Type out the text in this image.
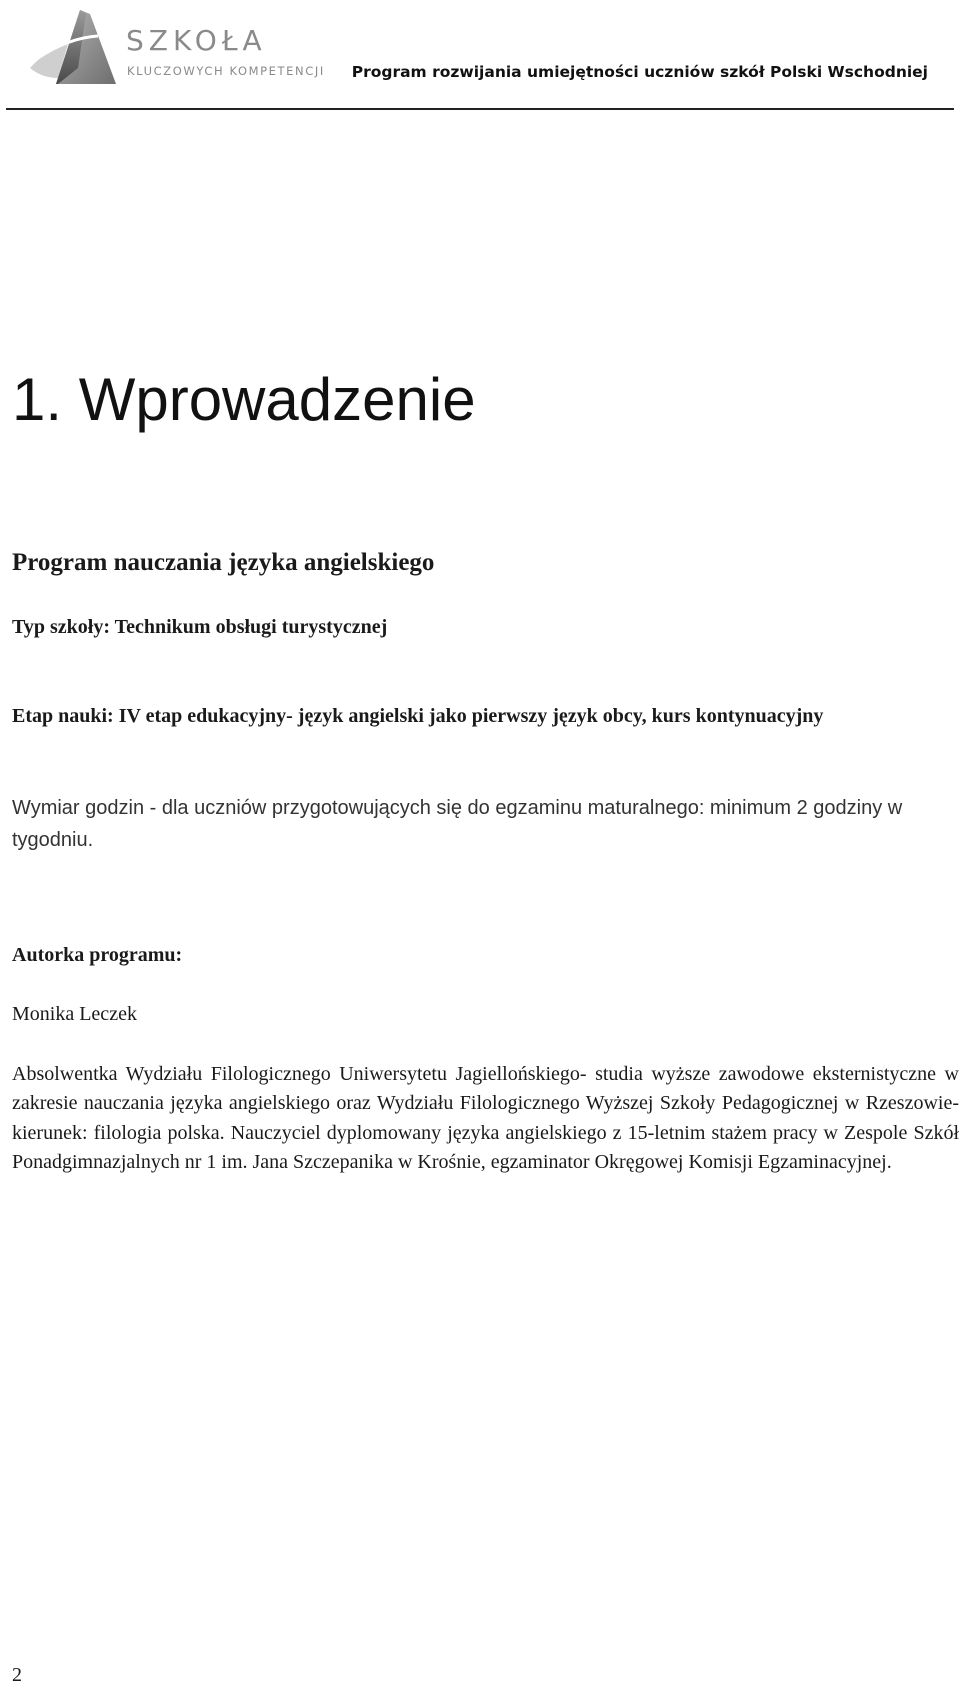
SZKOŁA
KLUCZOWYCH KOMPETENCJI Program rozwijania umiejętności uczniów szkół Polski Wschodniej
1. Wprowadzenie

Program nauczania języka angielskiego

Typ szkoły: Technikum obsługi turystycznej

Etap nauki: IV etap edukacyjny- język angielski jako pierwszy język obcy, kurs kontynuacyjny

Wymiar godzin - dla uczniów przygotowujących się do egzaminu maturalnego: minimum 2 godziny w tygodniu.

Autorka programu:

Monika Leczek

Absolwentka Wydziału Filologicznego Uniwersytetu Jagiellońskiego- studia wyższe zawodowe eksternistyczne w zakresie nauczania języka angielskiego oraz Wydziału Filologicznego Wyższej Szkoły Pedagogicznej w Rzeszowie- kierunek: filologia polska. Nauczyciel dyplomowany języka angielskiego z 15-letnim stażem pracy w Zespole Szkół Ponadgimnazjalnych nr 1 im. Jana Szczepanika w Krośnie, egzaminator Okręgowej Komisji Egzaminacyjnej.

2
